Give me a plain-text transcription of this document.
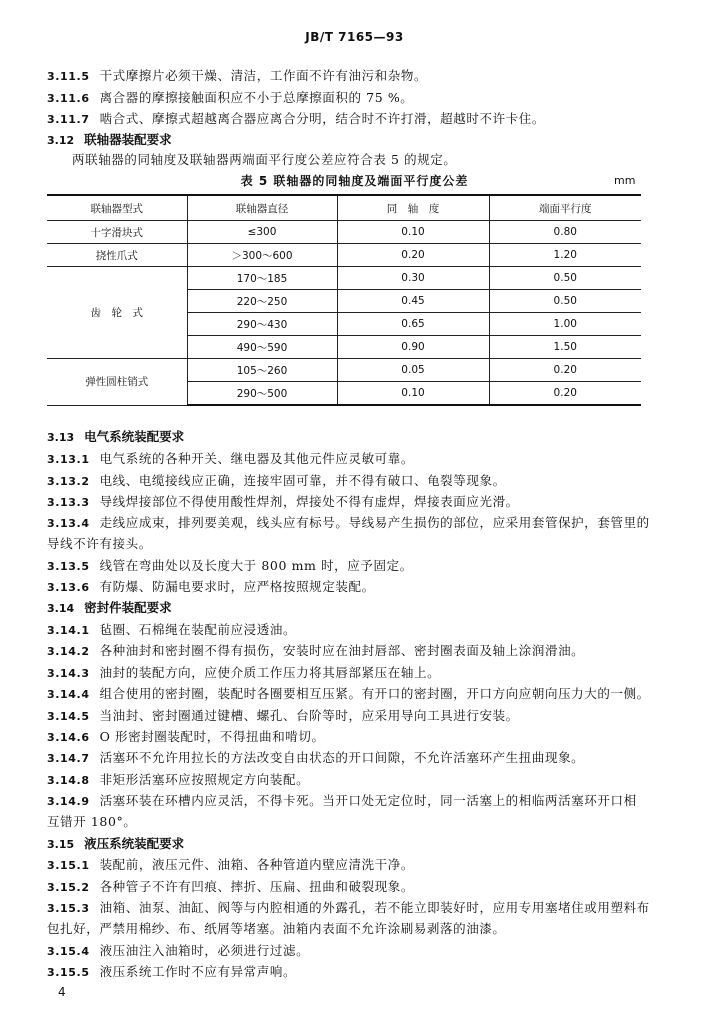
JB/T 7165—93
3.11.5 干式摩擦片必须干燥、清洁，工作面不许有油污和杂物。
3.11.6 离合器的摩擦接触面积应不小于总摩擦面积的 75 %。
3.11.7 啮合式、摩擦式超越离合器应离合分明，结合时不许打滑，超越时不许卡住。
3.12 联轴器装配要求
两联轴器的同轴度及联轴器两端面平行度公差应符合表 5 的规定。
表 5 联轴器的同轴度及端面平行度公差	mm
联轴器型式	联轴器直径	同　轴　度	端面平行度
十字滑块式	≤300	0.10	0.80
挠性爪式	＞300～600	0.20	1.20
齿　轮　式	170～185	0.30	0.50
	220～250	0.45	0.50
	290～430	0.65	1.00
	490～590	0.90	1.50
弹性圆柱销式	105～260	0.05	0.20
	290～500	0.10	0.20
3.13 电气系统装配要求
3.13.1 电气系统的各种开关、继电器及其他元件应灵敏可靠。
3.13.2 电线、电缆接线应正确，连接牢固可靠，并不得有破口、龟裂等现象。
3.13.3 导线焊接部位不得使用酸性焊剂，焊接处不得有虚焊，焊接表面应光滑。
3.13.4 走线应成束，排列要美观，线头应有标号。导线易产生损伤的部位，应采用套管保护，套管里的
导线不许有接头。
3.13.5 线管在弯曲处以及长度大于 800 mm 时，应予固定。
3.13.6 有防爆、防漏电要求时，应严格按照规定装配。
3.14 密封件装配要求
3.14.1 毡圈、石棉绳在装配前应浸透油。
3.14.2 各种油封和密封圈不得有损伤，安装时应在油封唇部、密封圈表面及轴上涂润滑油。
3.14.3 油封的装配方向，应使介质工作压力将其唇部紧压在轴上。
3.14.4 组合使用的密封圈，装配时各圈要相互压紧。有开口的密封圈，开口方向应朝向压力大的一侧。
3.14.5 当油封、密封圈通过键槽、螺孔、台阶等时，应采用导向工具进行安装。
3.14.6 O 形密封圈装配时，不得扭曲和啃切。
3.14.7 活塞环不允许用拉长的方法改变自由状态的开口间隙，不允许活塞环产生扭曲现象。
3.14.8 非矩形活塞环应按照规定方向装配。
3.14.9 活塞环装在环槽内应灵活，不得卡死。当开口处无定位时，同一活塞上的相临两活塞环开口相
互错开 180°。
3.15 液压系统装配要求
3.15.1 装配前，液压元件、油箱、各种管道内壁应清洗干净。
3.15.2 各种管子不许有凹痕、摔折、压扁、扭曲和破裂现象。
3.15.3 油箱、油泵、油缸、阀等与内腔相通的外露孔，若不能立即装好时，应用专用塞堵住或用塑料布
包扎好，严禁用棉纱、布、纸屑等堵塞。油箱内表面不允许涂刷易剥落的油漆。
3.15.4 液压油注入油箱时，必须进行过滤。
3.15.5 液压系统工作时不应有异常声响。
4
